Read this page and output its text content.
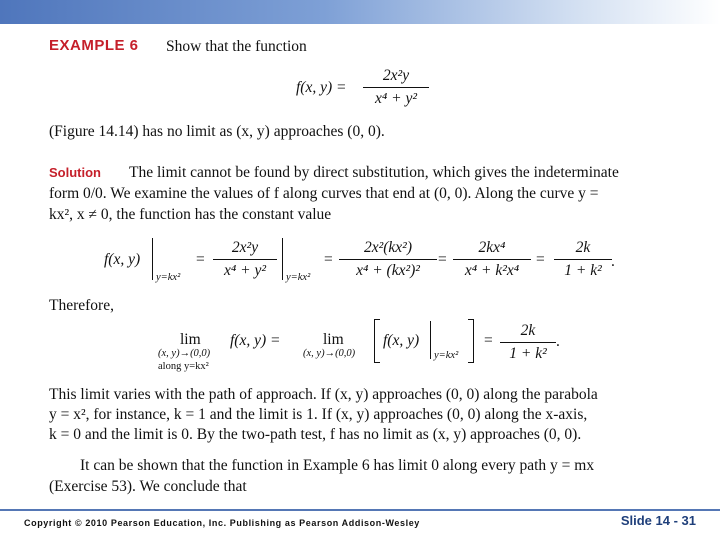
EXAMPLE 6 Show that the function
f(x, y) =
2x²y
x⁴ + y²
(Figure 14.14) has no limit as (x, y) approaches (0, 0).
Solution The limit cannot be found by direct substitution, which gives the indeterminate
form 0/0. We examine the values of f along curves that end at (0, 0). Along the curve y =
kx², x ≠ 0, the function has the constant value
f(x, y)
y=kx²
=
2x²y
x⁴ + y²	y=kx²
=
2x²(kx²)
x⁴ + (kx²)²
=
2kx⁴
x⁴ + k²x⁴
=
2k
1 + k²
.
Therefore,
lim
(x, y)→(0,0)
along y=kx²
f(x, y) =	lim
(x, y)→(0,0)
f(x, y)
y=kx²
=
2k
1 + k²
.
This limit varies with the path of approach. If (x, y) approaches (0, 0) along the parabola
y = x², for instance, k = 1 and the limit is 1. If (x, y) approaches (0, 0) along the x-axis,
k = 0 and the limit is 0. By the two-path test, f has no limit as (x, y) approaches (0, 0).
It can be shown that the function in Example 6 has limit 0 along every path y = mx
(Exercise 53). We conclude that
Copyright © 2010 Pearson Education, Inc. Publishing as Pearson Addison-Wesley	Slide 14 - 31
